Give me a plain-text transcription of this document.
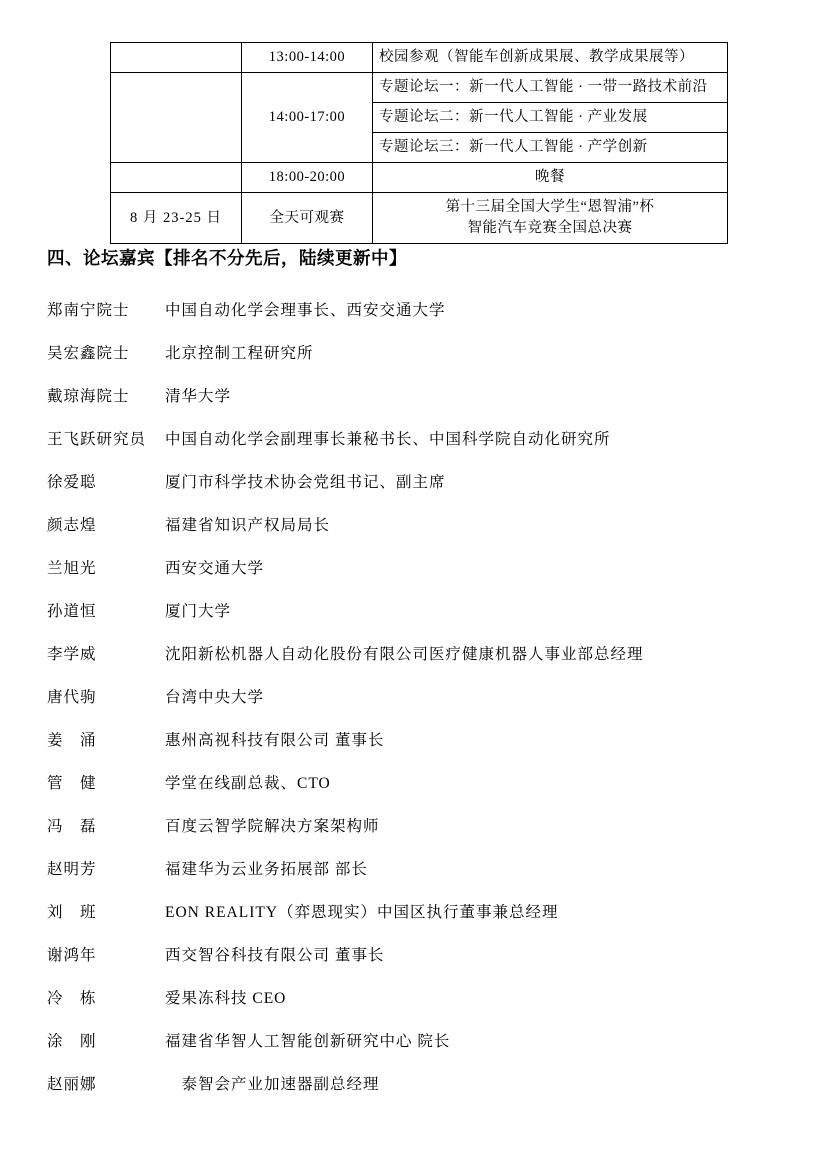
	13:00-14:00	校园参观（智能车创新成果展、教学成果展等）
	14:00-17:00	专题论坛一：新一代人工智能 · 一带一路技术前沿
		专题论坛二：新一代人工智能 · 产业发展
		专题论坛三：新一代人工智能 · 产学创新
	18:00-20:00	晚餐
8 月 23-25 日	全天可观赛	第十三届全国大学生“恩智浦”杯
智能汽车竞赛全国总决赛
四、论坛嘉宾【排名不分先后，陆续更新中】
郑南宁院士	中国自动化学会理事长、西安交通大学
吴宏鑫院士	北京控制工程研究所
戴琼海院士	清华大学
王飞跃研究员	中国自动化学会副理事长兼秘书长、中国科学院自动化研究所
徐爱聪	厦门市科学技术协会党组书记、副主席
颜志煌	福建省知识产权局局长
兰旭光	西安交通大学
孙道恒	厦门大学
李学威	沈阳新松机器人自动化股份有限公司医疗健康机器人事业部总经理
唐代驹	台湾中央大学
姜　涌	惠州高视科技有限公司 董事长
管　健	学堂在线副总裁、CTO
冯　磊	百度云智学院解决方案架构师
赵明芳	福建华为云业务拓展部 部长
刘　班	EON REALITY（弈恩现实）中国区执行董事兼总经理
谢鸿年	西交智谷科技有限公司 董事长
冷　栋	爱果冻科技 CEO
涂　刚	福建省华智人工智能创新研究中心 院长
赵丽娜	　泰智会产业加速器副总经理
